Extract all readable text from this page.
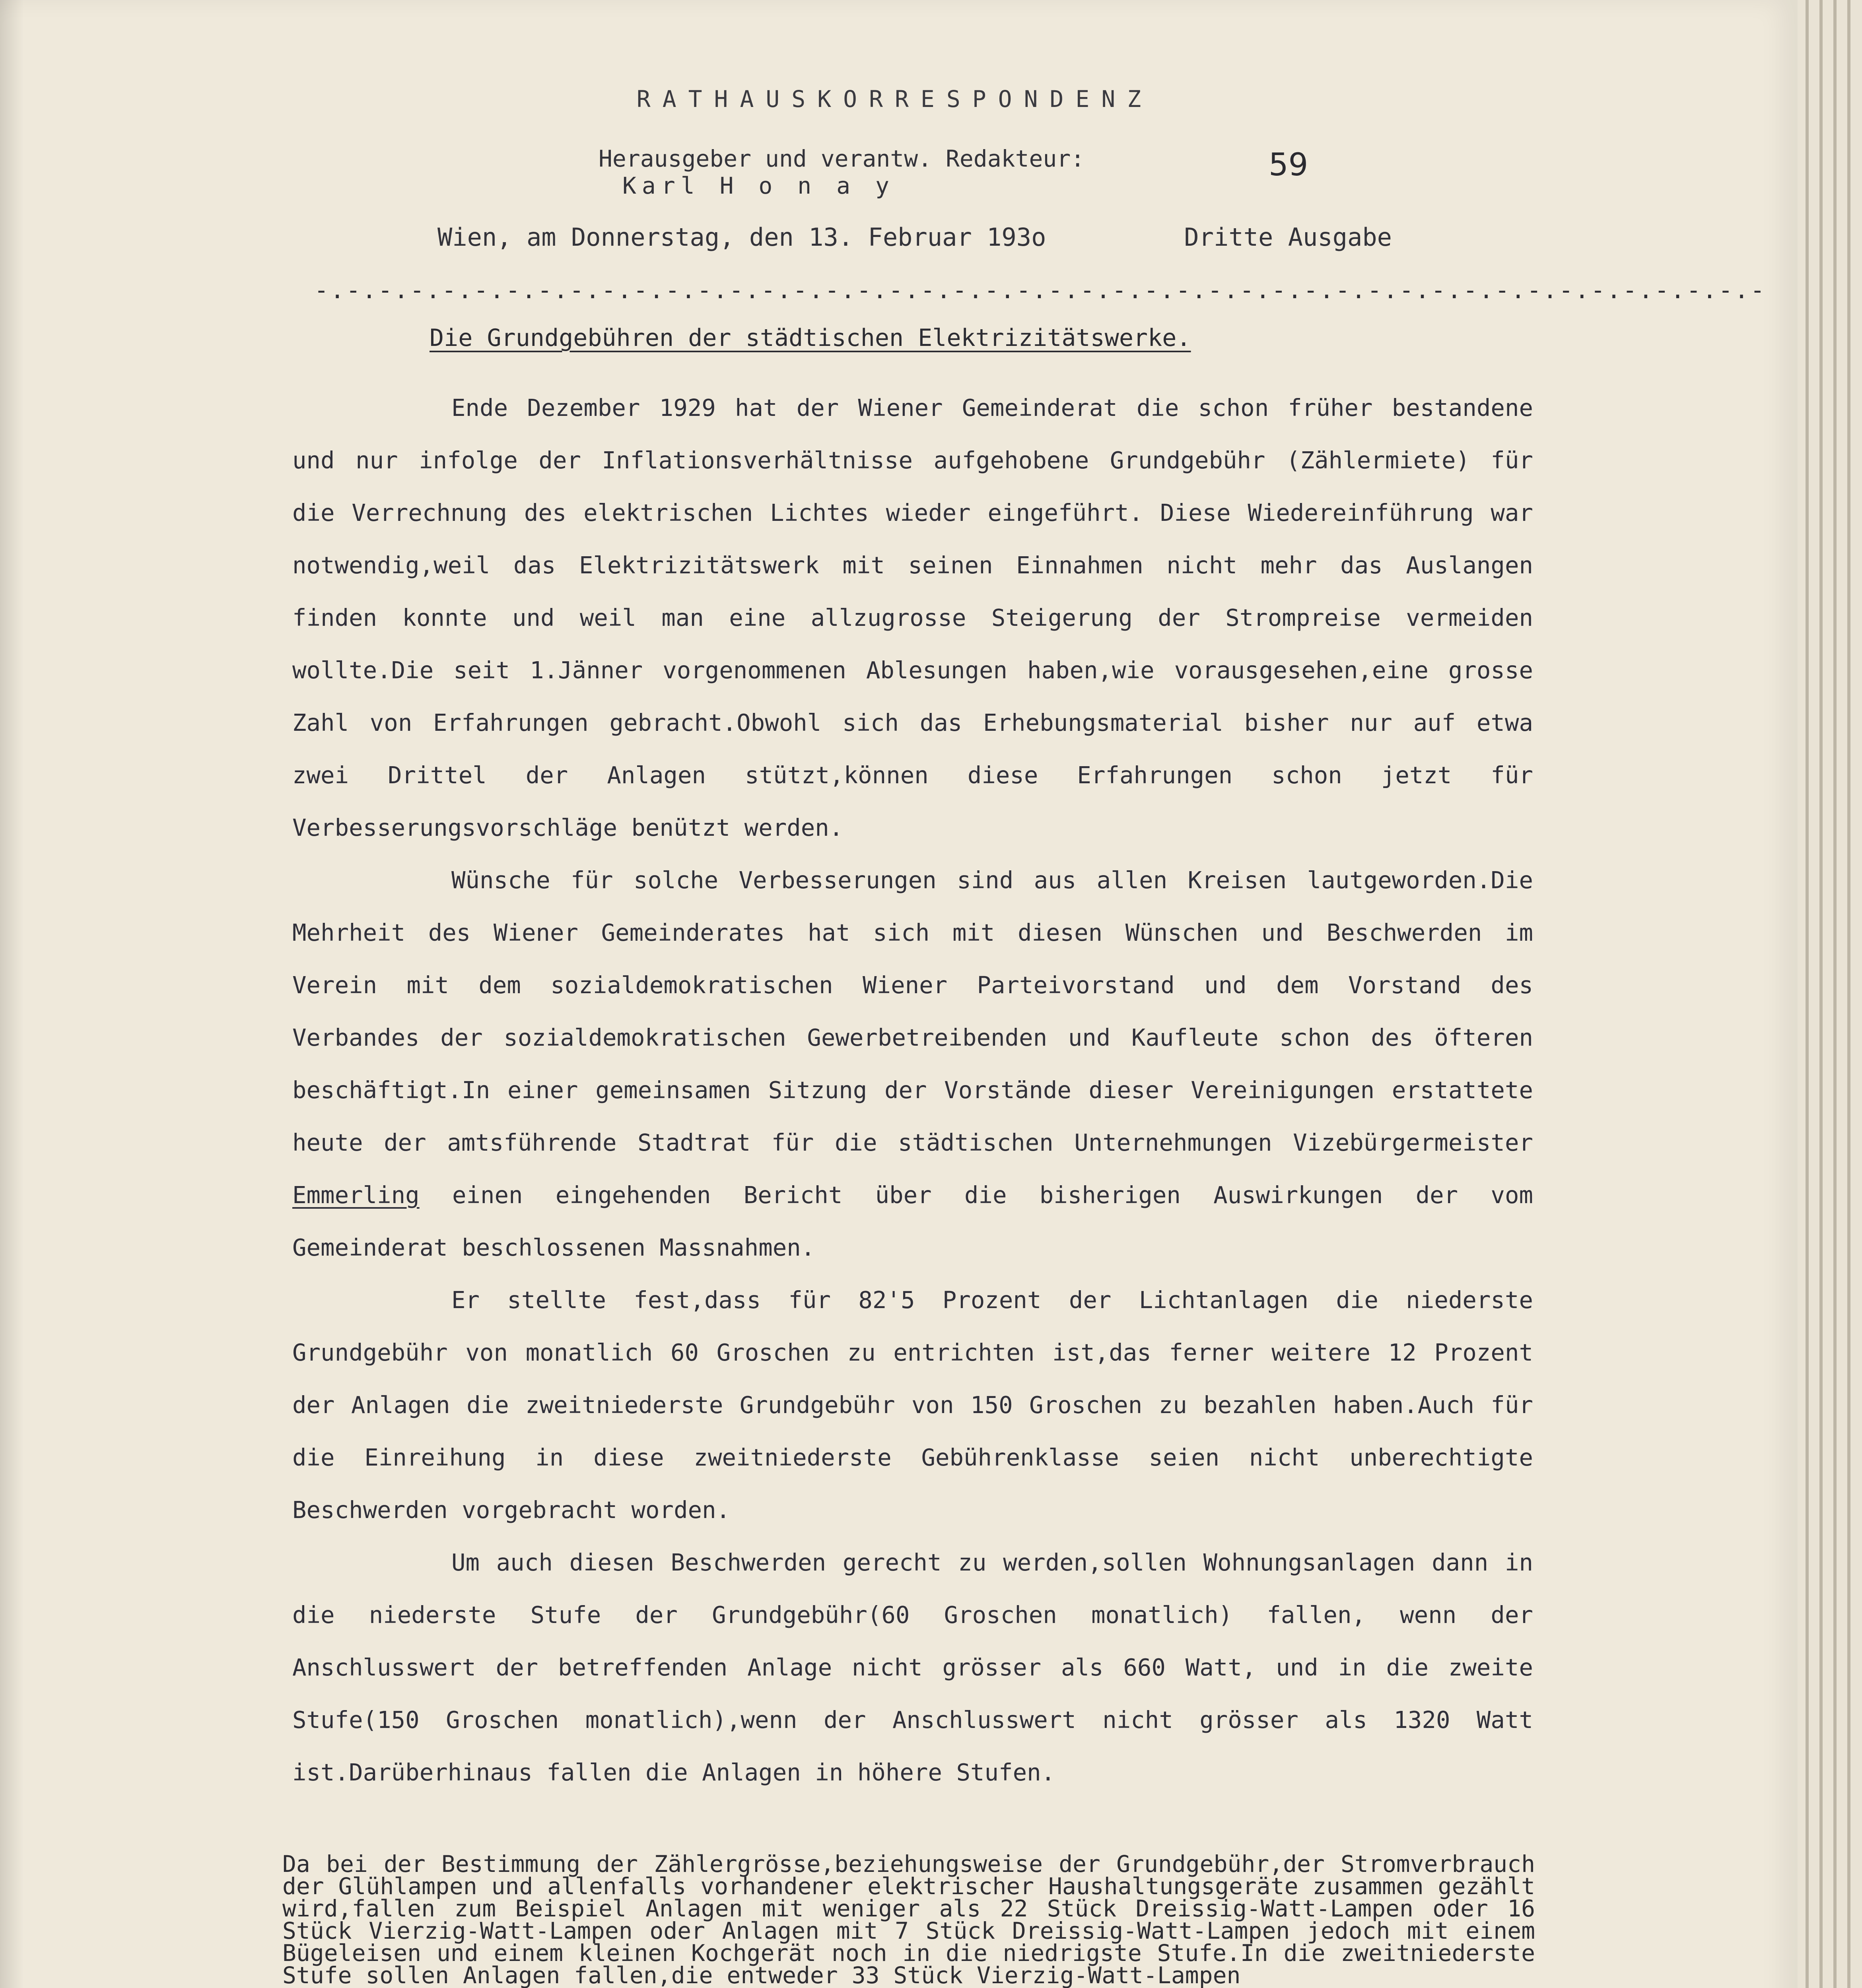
RATHAUSKORRESPONDENZ
Herausgeber und verantw. Redakteur:
Karl H o n a y
59
Wien, am Donnerstag, den 13. Februar 193o	Dritte Ausgabe
-.-.-.-.-.-.-.-.-.-.-.-.-.-.-.-.-.-.-.-.-.-.-.-.-.-.-.-.-.-.-.-.-.-.-.-.-.-.-.-.-.-.-.-.-.-
Die Grundgebühren der städtischen Elektrizitätswerke.
Ende Dezember 1929 hat der Wiener Gemeinderat die schon früher bestandene und nur infolge der Inflationsverhältnisse aufgehobene Grundgebühr (Zählermiete) für die Verrechnung des elektrischen Lichtes wieder eingeführt. Diese Wiedereinführung war notwendig,weil das Elektrizitätswerk mit seinen Einnahmen nicht mehr das Auslangen finden konnte und weil man eine allzugrosse Steigerung der Strompreise vermeiden wollte.Die seit 1.Jänner vorgenommenen Ablesungen haben,wie vorausgesehen,eine grosse Zahl von Erfahrungen gebracht.Obwohl sich das Erhebungsmaterial bisher nur auf etwa zwei Drittel der Anlagen stützt,können diese Erfahrungen schon jetzt für Verbesserungsvorschläge benützt werden.
Wünsche für solche Verbesserungen sind aus allen Kreisen lautgeworden.Die Mehrheit des Wiener Gemeinderates hat sich mit diesen Wünschen und Beschwerden im Verein mit dem sozialdemokratischen Wiener Parteivorstand und dem Vorstand des Verbandes der sozialdemokratischen Gewerbetreibenden und Kaufleute schon des öfteren beschäftigt.In einer gemeinsamen Sitzung der Vorstände dieser Vereinigungen erstattete heute der amtsführende Stadtrat für die städtischen Unternehmungen Vizebürgermeister Emmerling einen eingehenden Bericht über die bisherigen Auswirkungen der vom Gemeinderat beschlossenen Massnahmen.
Er stellte fest,dass für 82'5 Prozent der Lichtanlagen die niederste Grundgebühr von monatlich 60 Groschen zu entrichten ist,das ferner weitere 12 Prozent der Anlagen die zweitniederste Grundgebühr von 150 Groschen zu bezahlen haben.Auch für die Einreihung in diese zweitniederste Gebührenklasse seien nicht unberechtigte Beschwerden vorgebracht worden.
Um auch diesen Beschwerden gerecht zu werden,sollen Wohnungsanlagen dann in die niederste Stufe der Grundgebühr(60 Groschen monatlich) fallen, wenn der Anschlusswert der betreffenden Anlage nicht grösser als 660 Watt, und in die zweite Stufe(150 Groschen monatlich),wenn der Anschlusswert nicht grösser als 1320 Watt ist.Darüberhinaus fallen die Anlagen in höhere Stufen.
Da bei der Bestimmung der Zählergrösse,beziehungsweise der Grundgebühr,der Stromverbrauch der Glühlampen und allenfalls vorhandener elektrischer Haushaltungsgeräte zusammen gezählt wird,fallen zum Beispiel Anlagen mit weniger als 22 Stück Dreissig-Watt-Lampen oder 16 Stück Vierzig-Watt-Lampen oder Anlagen mit 7 Stück Dreissig-Watt-Lampen jedoch mit einem Bügeleisen und einem kleinen Kochgerät noch in die niedrigste Stufe.In die zweitniederste Stufe sollen Anlagen fallen,die entweder 33 Stück Vierzig-Watt-Lampen
